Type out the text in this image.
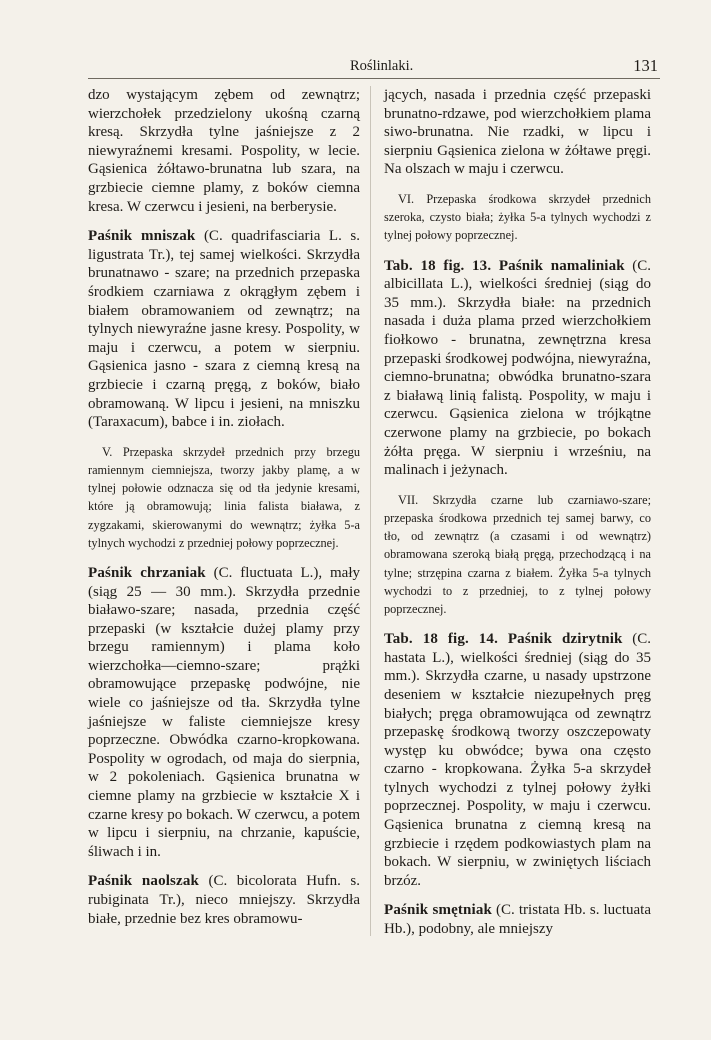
Roślinlaki.	131

dzo wystającym zębem od zewnątrz; wierzchołek przedzielony ukośną czarną kresą. Skrzydła tylne jaśniejsze z 2 niewyraźnemi kresami. Pospolity, w lecie. Gąsienica żółtawo-brunatna lub szara, na grzbiecie ciemne plamy, z boków ciemna kresa. W czerwcu i jesieni, na berberysie.

Paśnik mniszak (C. quadrifasciaria L. s. ligustrata Tr.), tej samej wielkości. Skrzydła brunatnawo - szare; na przednich przepaska środkiem czarniawa z okrągłym zębem i białem obramowaniem od zewnątrz; na tylnych niewyraźne jasne kresy. Pospolity, w maju i czerwcu, a potem w sierpniu. Gąsienica jasno - szara z ciemną kresą na grzbiecie i czarną pręgą, z boków, biało obramowaną. W lipcu i jesieni, na mniszku (Taraxacum), babce i in. ziołach.

V. Przepaska skrzydeł przednich przy brzegu ramiennym ciemniejsza, tworzy jakby plamę, a w tylnej połowie odznacza się od tła jedynie kresami, które ją obramowują; linia falista biaława, z zygzakami, skierowanymi do wewnątrz; żyłka 5-a tylnych wychodzi z przedniej połowy poprzecznej.

Paśnik chrzaniak (C. fluctuata L.), mały (siąg 25 — 30 mm.). Skrzydła przednie białawo-szare; nasada, przednia część przepaski (w kształcie dużej plamy przy brzegu ramiennym) i plama koło wierzchołka—ciemno-szare; prążki obramowujące przepaskę podwójne, nie wiele co jaśniejsze od tła. Skrzydła tylne jaśniejsze w faliste ciemniejsze kresy poprzeczne. Obwódka czarno-kropkowana. Pospolity w ogrodach, od maja do sierpnia, w 2 pokoleniach. Gąsienica brunatna w ciemne plamy na grzbiecie w kształcie X i czarne kresy po bokach. W czerwcu, a potem w lipcu i sierpniu, na chrzanie, kapuście, śliwach i in.

Paśnik naolszak (C. bicolorata Hufn. s. rubiginata Tr.), nieco mniejszy. Skrzydła białe, przednie bez kres obramowu-

jących, nasada i przednia część przepaski brunatno-rdzawe, pod wierzchołkiem plama siwo-brunatna. Nie rzadki, w lipcu i sierpniu Gąsienica zielona w żółtawe pręgi. Na olszach w maju i czerwcu.

VI. Przepaska środkowa skrzydeł przednich szeroka, czysto biała; żyłka 5-a tylnych wychodzi z tylnej połowy poprzecznej.

Tab. 18 fig. 13. Paśnik namaliniak (C. albicillata L.), wielkości średniej (siąg do 35 mm.). Skrzydła białe: na przednich nasada i duża plama przed wierzchołkiem fiołkowo - brunatna, zewnętrzna kresa przepaski środkowej podwójna, niewyraźna, ciemno-brunatna; obwódka brunatno-szara z białawą linią falistą. Pospolity, w maju i czerwcu. Gąsienica zielona w trójkątne czerwone plamy na grzbiecie, po bokach żółta pręga. W sierpniu i wrześniu, na malinach i jeżynach.

VII. Skrzydła czarne lub czarniawo-szare; przepaska środkowa przednich tej samej barwy, co tło, od zewnątrz (a czasami i od wewnątrz) obramowana szeroką białą pręgą, przechodzącą i na tylne; strzępina czarna z białem. Żyłka 5-a tylnych wychodzi to z przedniej, to z tylnej połowy poprzecznej.

Tab. 18 fig. 14. Paśnik dzirytnik (C. hastata L.), wielkości średniej (siąg do 35 mm.). Skrzydła czarne, u nasady upstrzone deseniem w kształcie niezupełnych pręg białych; pręga obramowująca od zewnątrz przepaskę środkową tworzy oszczepowaty występ ku obwódce; bywa ona często czarno - kropkowana. Żyłka 5-a skrzydeł tylnych wychodzi z tylnej połowy żyłki poprzecznej. Pospolity, w maju i czerwcu. Gąsienica brunatna z ciemną kresą na grzbiecie i rzędem podkowiastych plam na bokach. W sierpniu, w zwiniętych liściach brzóz.

Paśnik smętniak (C. tristata Hb. s. luctuata Hb.), podobny, ale mniejszy
